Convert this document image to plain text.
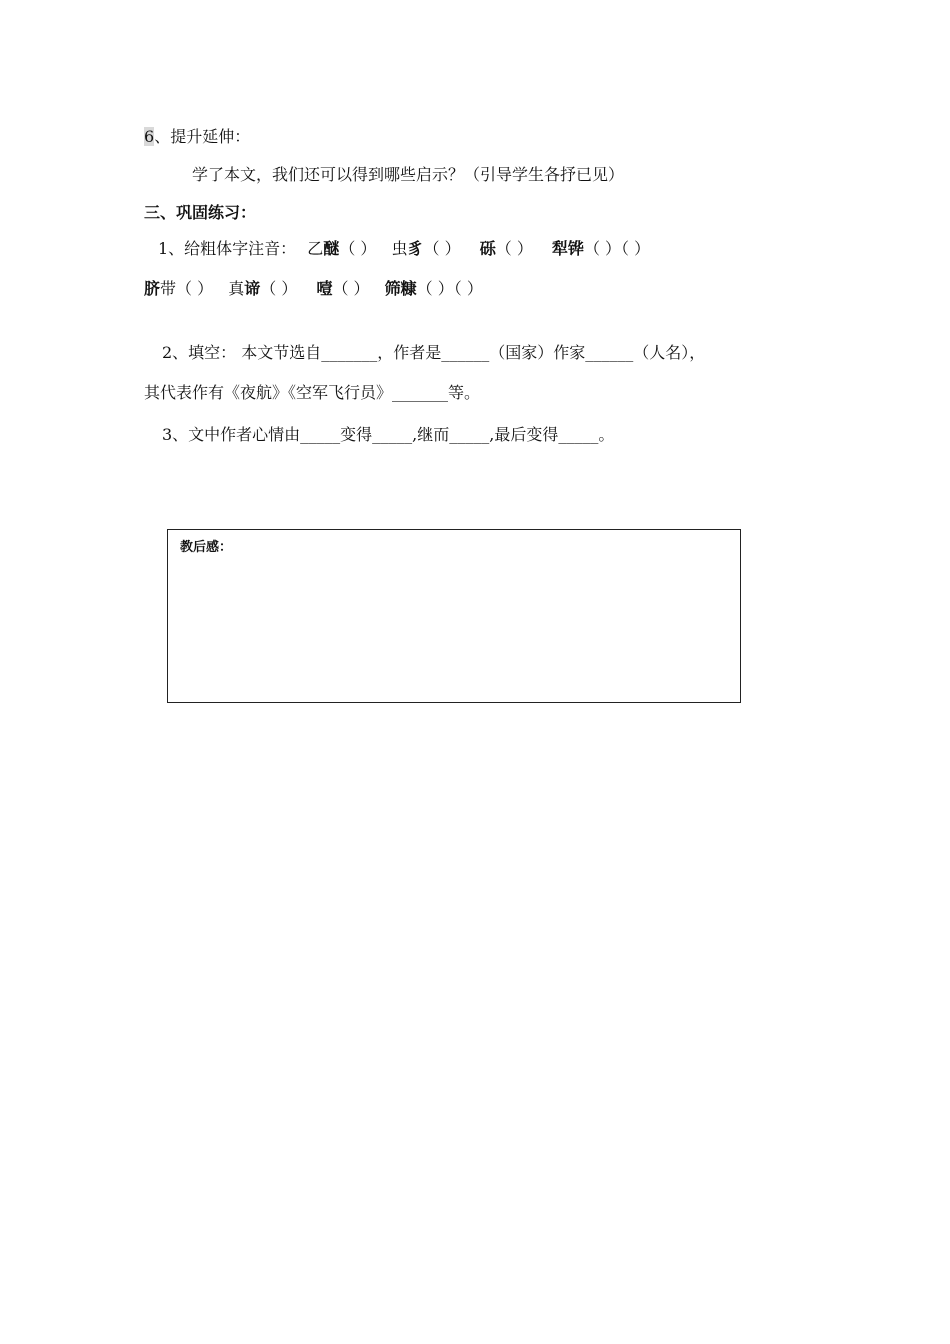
6、提升延伸：
学了本文，我们还可以得到哪些启示？（引导学生各抒已见）
三、巩固练习：
1、给粗体字注音： 乙醚（ ） 虫豸（ ） 砾（ ） 犁铧（ ）（ ）
脐带（ ） 真谛（ ） 噎（ ） 筛糠（ ）（ ）
2、填空： 本文节选自_______，作者是______（国家）作家______（人名），
其代表作有《夜航》《空军飞行员》_______等。
3、文中作者心情由_____变得_____,继而_____,最后变得_____。
教后感：
